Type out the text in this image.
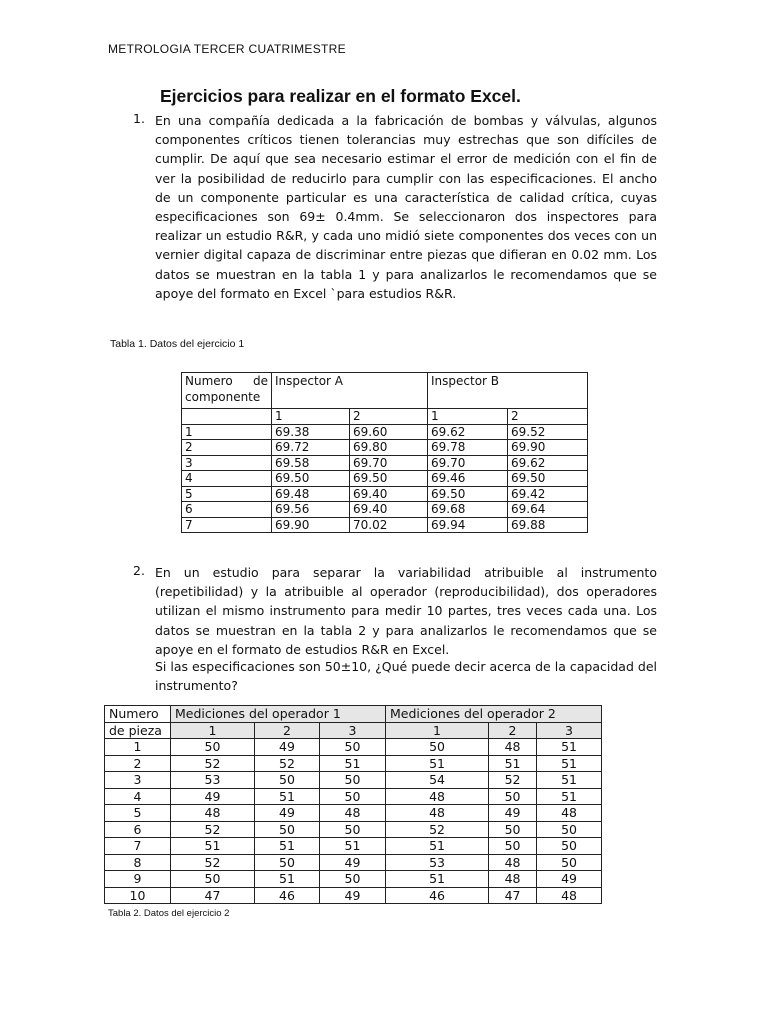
METROLOGIA TERCER CUATRIMESTRE
Ejercicios para realizar en el formato Excel.
1. En una compañía dedicada a la fabricación de bombas y válvulas, algunos componentes críticos tienen tolerancias muy estrechas que son difíciles de cumplir. De aquí que sea necesario estimar el error de medición con el fin de ver la posibilidad de reducirlo para cumplir con las especificaciones. El ancho de un componente particular es una característica de calidad crítica, cuyas especificaciones son 69± 0.4mm. Se seleccionaron dos inspectores para realizar un estudio R&R, y cada uno midió siete componentes dos veces con un vernier digital capaza de discriminar entre piezas que difieran en 0.02 mm. Los datos se muestran en la tabla 1 y para analizarlos le recomendamos que se apoye del formato en Excel `para estudios R&R.
Tabla 1. Datos del ejercicio 1
Numero de componente	Inspector A		Inspector B	
	1	2	1	2
1	69.38	69.60	69.62	69.52
2	69.72	69.80	69.78	69.90
3	69.58	69.70	69.70	69.62
4	69.50	69.50	69.46	69.50
5	69.48	69.40	69.50	69.42
6	69.56	69.40	69.68	69.64
7	69.90	70.02	69.94	69.88
2. En un estudio para separar la variabilidad atribuible al instrumento (repetibilidad) y la atribuible al operador (reproducibilidad), dos operadores utilizan el mismo instrumento para medir 10 partes, tres veces cada una. Los datos se muestran en la tabla 2 y para analizarlos le recomendamos que se apoye en el formato de estudios R&R en Excel.
Si las especificaciones son 50±10, ¿Qué puede decir acerca de la capacidad del instrumento?
Numero	Mediciones del operador 1			Mediciones del operador 2		
de pieza	1	2	3	1	2	3
1	50	49	50	50	48	51
2	52	52	51	51	51	51
3	53	50	50	54	52	51
4	49	51	50	48	50	51
5	48	49	48	48	49	48
6	52	50	50	52	50	50
7	51	51	51	51	50	50
8	52	50	49	53	48	50
9	50	51	50	51	48	49
10	47	46	49	46	47	48
Tabla 2. Datos del ejercicio 2
